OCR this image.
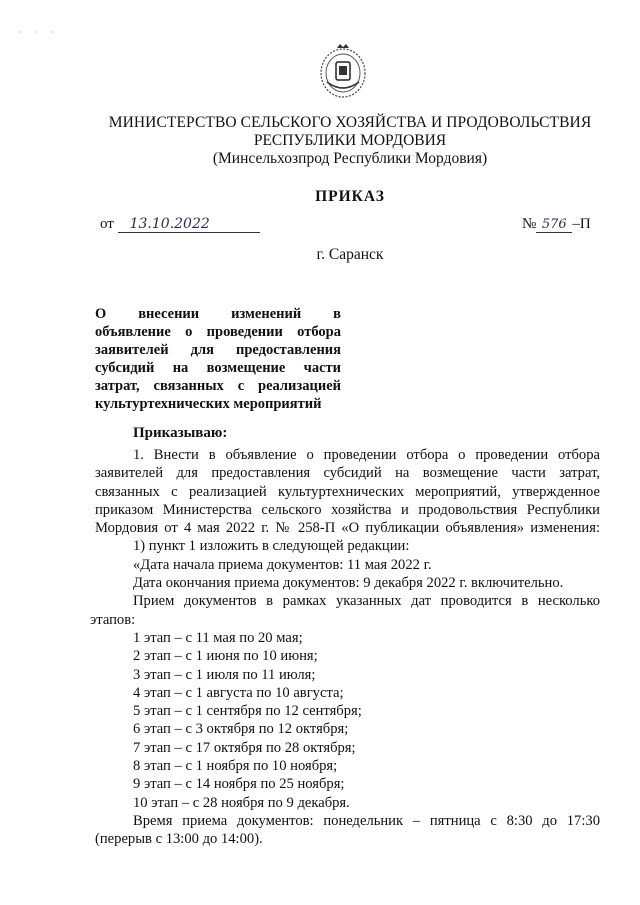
· · ·
МИНИСТЕРСТВО СЕЛЬСКОГО ХОЗЯЙСТВА И ПРОДОВОЛЬСТВИЯ
РЕСПУБЛИКИ МОРДОВИЯ
(Минсельхозпрод Республики Мордовия)
ПРИКАЗ
от 13.10.2022	№ 576 –П
г. Саранск
О внесении изменений в
объявление о проведении отбора
заявителей для предоставления
субсидий на возмещение части
затрат, связанных с реализацией
культуртехнических мероприятий
Приказываю:
1. Внести в объявление о проведении отбора о проведении отбора
заявителей для предоставления субсидий на возмещение части затрат,
связанных с реализацией культуртехнических мероприятий, утвержденное
приказом Министерства сельского хозяйства и продовольствия Республики
Мордовия от 4 мая 2022 г. № 258-П «О публикации объявления» изменения:
1) пункт 1 изложить в следующей редакции:
«Дата начала приема документов: 11 мая 2022 г.
Дата окончания приема документов: 9 декабря 2022 г. включительно.
Прием документов в рамках указанных дат проводится в несколько
этапов:
1 этап – с 11 мая по 20 мая;
2 этап – с 1 июня по 10 июня;
3 этап – с 1 июля по 11 июля;
4 этап – с 1 августа по 10 августа;
5 этап – с 1 сентября по 12 сентября;
6 этап – с 3 октября по 12 октября;
7 этап – с 17 октября по 28 октября;
8 этап – с 1 ноября по 10 ноября;
9 этап – с 14 ноября по 25 ноября;
10 этап – с 28 ноября по 9 декабря.
Время приема документов: понедельник – пятница с 8:30 до 17:30
(перерыв с 13:00 до 14:00).
